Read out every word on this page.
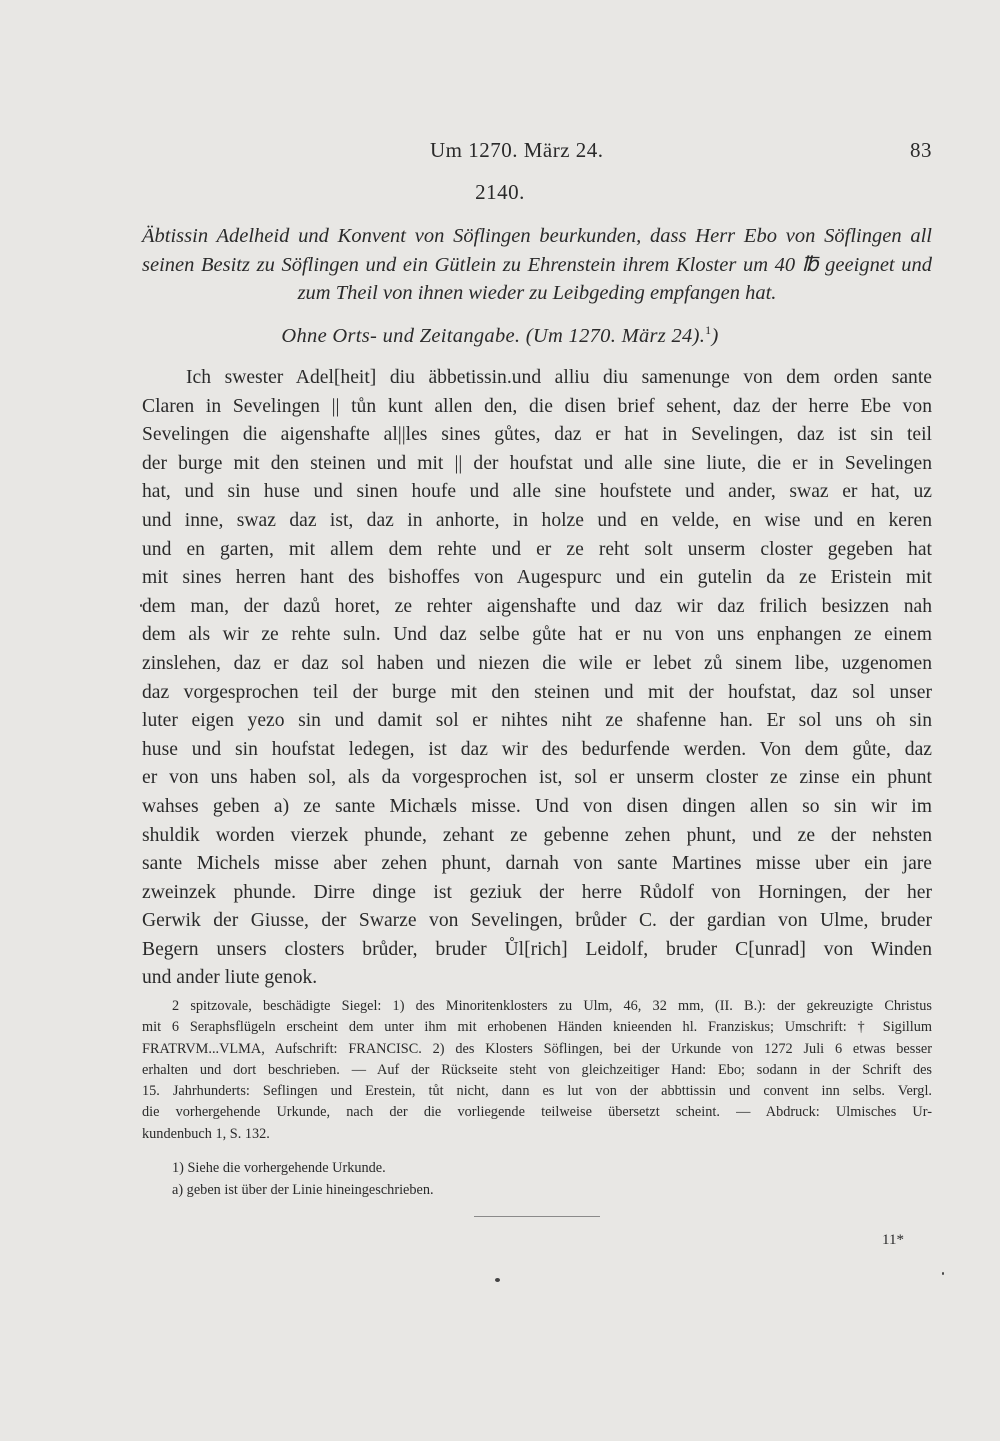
Um 1270. März 24.	83
2140.
Äbtissin Adelheid und Konvent von Söflingen beurkunden, dass Herr Ebo von Söflingen all
seinen Besitz zu Söflingen und ein Gütlein zu Ehrenstein ihrem Kloster um 40 ℔ geeignet und
zum Theil von ihnen wieder zu Leibgeding empfangen hat.
Ohne Orts- und Zeitangabe. (Um 1270. März 24).$^1$)
Ich swester Adel[heit] diu äbbetissin.und alliu diu samenunge von dem orden sante
Claren in Sevelingen || tůn kunt allen den, die disen brief sehent, daz der herre Ebe von
Sevelingen die aigenshafte al||les sines gůtes, daz er hat in Sevelingen, daz ist sin teil
der burge mit den steinen und mit || der houfstat und alle sine liute, die er in Sevelingen
hat, und sin huse und sinen houfe und alle sine houfstete und ander, swaz er hat, uz
und inne, swaz daz ist, daz in anhorte, in holze und en velde, en wise und en keren
und en garten, mit allem dem rehte und er ze reht solt unserm closter gegeben hat
mit sines herren hant des bishoffes von Augespurc und ein gutelin da ze Eristein mit
dem man, der dazů horet, ze rehter aigenshafte und daz wir daz frilich besizzen nah
dem als wir ze rehte suln. Und daz selbe gůte hat er nu von uns enphangen ze einem
zinslehen, daz er daz sol haben und niezen die wile er lebet zů sinem libe, uzgenomen
daz vorgesprochen teil der burge mit den steinen und mit der houfstat, daz sol unser
luter eigen yezo sin und damit sol er nihtes niht ze shafenne han. Er sol uns oh sin
huse und sin houfstat ledegen, ist daz wir des bedurfende werden. Von dem gůte, daz
er von uns haben sol, als da vorgesprochen ist, sol er unserm closter ze zinse ein phunt
wahses geben a) ze sante Michæls misse. Und von disen dingen allen so sin wir im
shuldik worden vierzek phunde, zehant ze gebenne zehen phunt, und ze der nehsten
sante Michels misse aber zehen phunt, darnah von sante Martines misse uber ein jare
zweinzek phunde. Dirre dinge ist geziuk der herre Růdolf von Horningen, der her
Gerwik der Giusse, der Swarze von Sevelingen, brůder C. der gardian von Ulme, bruder
Begern unsers closters brůder, bruder Ůl[rich] Leidolf, bruder C[unrad] von Winden
und ander liute genok.
2 spitzovale, beschädigte Siegel: 1) des Minoritenklosters zu Ulm, 46, 32 mm, (II. B.): der gekreuzigte Christus
mit 6 Seraphsflügeln erscheint dem unter ihm mit erhobenen Händen knieenden hl. Franziskus; Umschrift: † Sigillum
FRATRVM...VLMA, Aufschrift: FRANCISC. 2) des Klosters Söflingen, bei der Urkunde von 1272 Juli 6 etwas besser
erhalten und dort beschrieben. — Auf der Rückseite steht von gleichzeitiger Hand: Ebo; sodann in der Schrift des
15. Jahrhunderts: Seflingen und Erestein, tůt nicht, dann es lut von der abbttissin und convent inn selbs. Vergl.
die vorhergehende Urkunde, nach der die vorliegende teilweise übersetzt scheint. — Abdruck: Ulmisches Ur-
kundenbuch 1, S. 132.
1) Siehe die vorhergehende Urkunde.
a) geben ist über der Linie hineingeschrieben.
11*
